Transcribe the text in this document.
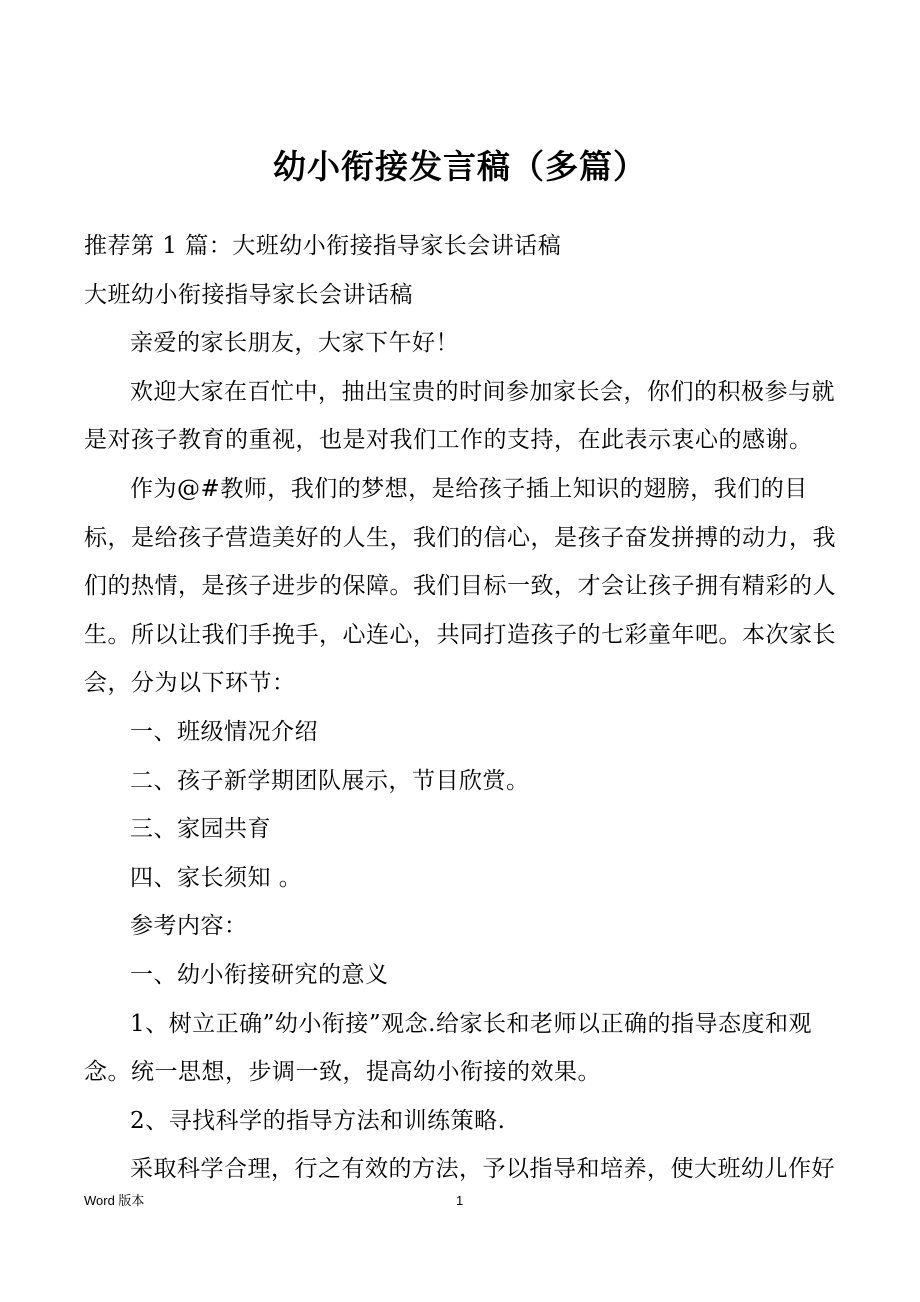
幼小衔接发言稿（多篇）

推荐第 1 篇：大班幼小衔接指导家长会讲话稿

大班幼小衔接指导家长会讲话稿

亲爱的家长朋友，大家下午好！

欢迎大家在百忙中，抽出宝贵的时间参加家长会，你们的积极参与就是对孩子教育的重视，也是对我们工作的支持，在此表示衷心的感谢。

作为@#教师，我们的梦想，是给孩子插上知识的翅膀，我们的目标，是给孩子营造美好的人生，我们的信心，是孩子奋发拼搏的动力，我们的热情，是孩子进步的保障。我们目标一致，才会让孩子拥有精彩的人生。所以让我们手挽手，心连心，共同打造孩子的七彩童年吧。本次家长会，分为以下环节：

一、班级情况介绍

二、孩子新学期团队展示，节目欣赏。

三、家园共育

四、家长须知 。

参考内容：

一、幼小衔接研究的意义

1、树立正确”幼小衔接”观念.给家长和老师以正确的指导态度和观念。统一思想，步调一致，提高幼小衔接的效果。

2、寻找科学的指导方法和训练策略.

采取科学合理，行之有效的方法，予以指导和培养，使大班幼儿作好

Word 版本	1
